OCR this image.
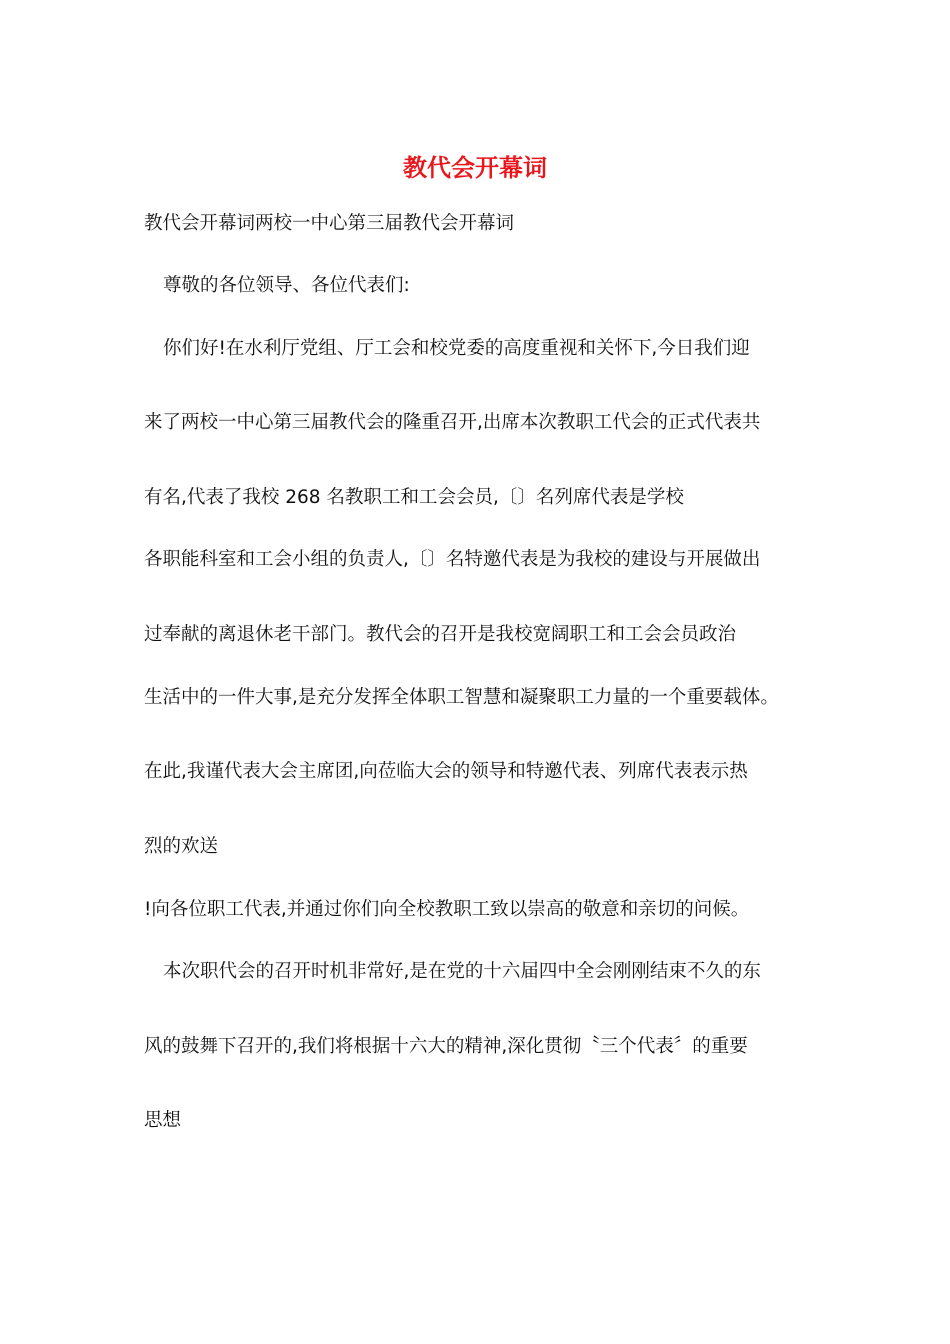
教代会开幕词
教代会开幕词两校一中心第三届教代会开幕词
尊敬的各位领导、各位代表们:
你们好!在水利厅党组、厅工会和校党委的高度重视和关怀下,今日我们迎
来了两校一中心第三届教代会的隆重召开,出席本次教职工代会的正式代表共
有名,代表了我校 268 名教职工和工会会员,〔〕名列席代表是学校
各职能科室和工会小组的负责人,〔〕名特邀代表是为我校的建设与开展做出
过奉献的离退休老干部门。教代会的召开是我校宽阔职工和工会会员政治
生活中的一件大事,是充分发挥全体职工智慧和凝聚职工力量的一个重要载体。
在此,我谨代表大会主席团,向莅临大会的领导和特邀代表、列席代表表示热
烈的欢送
!向各位职工代表,并通过你们向全校教职工致以崇高的敬意和亲切的问候。
本次职代会的召开时机非常好,是在党的十六届四中全会刚刚结束不久的东
风的鼓舞下召开的,我们将根据十六大的精神,深化贯彻〝三个代表〞的重要
思想
